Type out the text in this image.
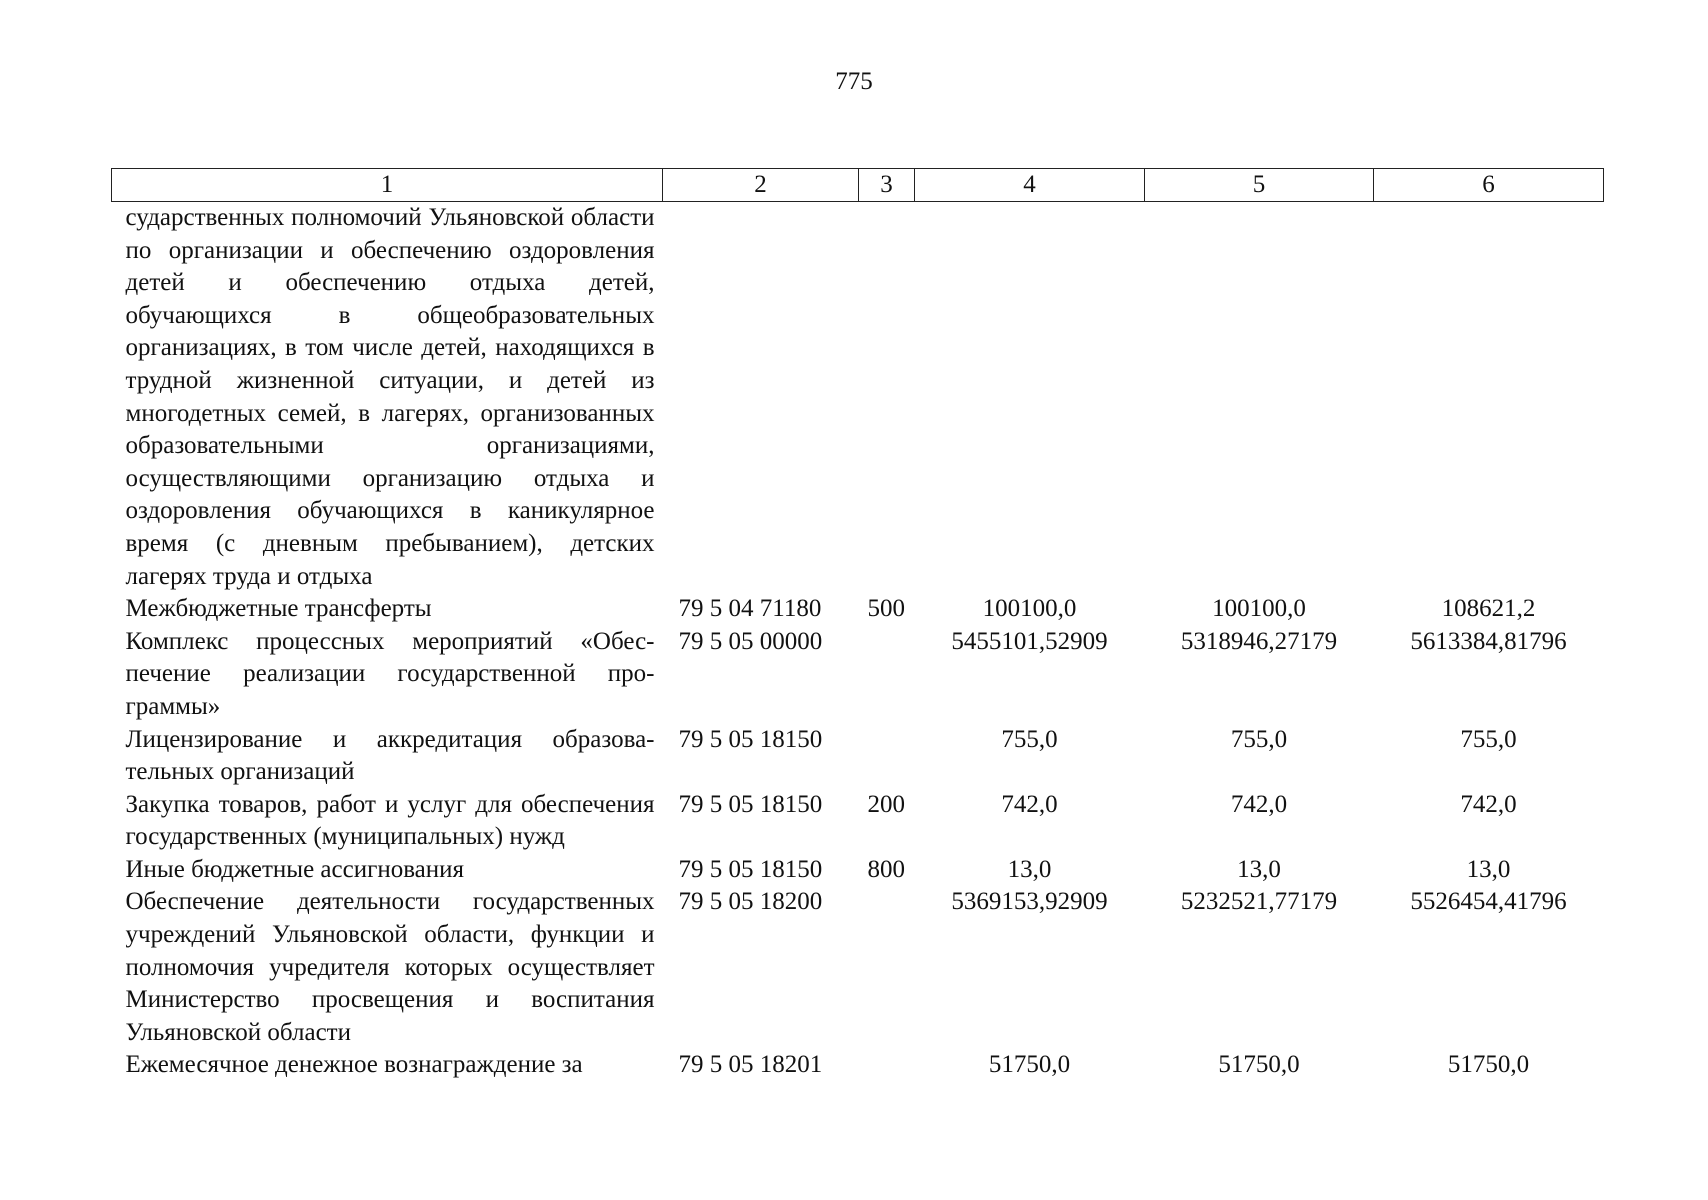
775
1	2	3	4	5	6
сударственных полномочий Ульяновской области по организации и обеспечению оздоровления детей и обеспечению отдыха детей, обучающихся в общеобразовательных организациях, в том числе детей, находящихся в трудной жизненной ситуации, и детей из многодетных семей, в лагерях, организованных образовательными организациями, осуществляющими организацию отдыха и оздоровления обучающихся в каникулярное время (с дневным пребыванием), детских лагерях труда и отдыха					
Межбюджетные трансферты	79 5 04 71180	500	100100,0	100100,0	108621,2
Комплекс процессных мероприятий «Обеспечение реализации государственной программы»	79 5 05 00000		5455101,52909	5318946,27179	5613384,81796
Лицензирование и аккредитация образовательных организаций	79 5 05 18150		755,0	755,0	755,0
Закупка товаров, работ и услуг для обеспечения государственных (муниципальных) нужд	79 5 05 18150	200	742,0	742,0	742,0
Иные бюджетные ассигнования	79 5 05 18150	800	13,0	13,0	13,0
Обеспечение деятельности государственных учреждений Ульяновской области, функции и полномочия учредителя которых осуществляет Министерство просвещения и воспитания Ульяновской области	79 5 05 18200		5369153,92909	5232521,77179	5526454,41796
Ежемесячное денежное вознаграждение за	79 5 05 18201		51750,0	51750,0	51750,0
